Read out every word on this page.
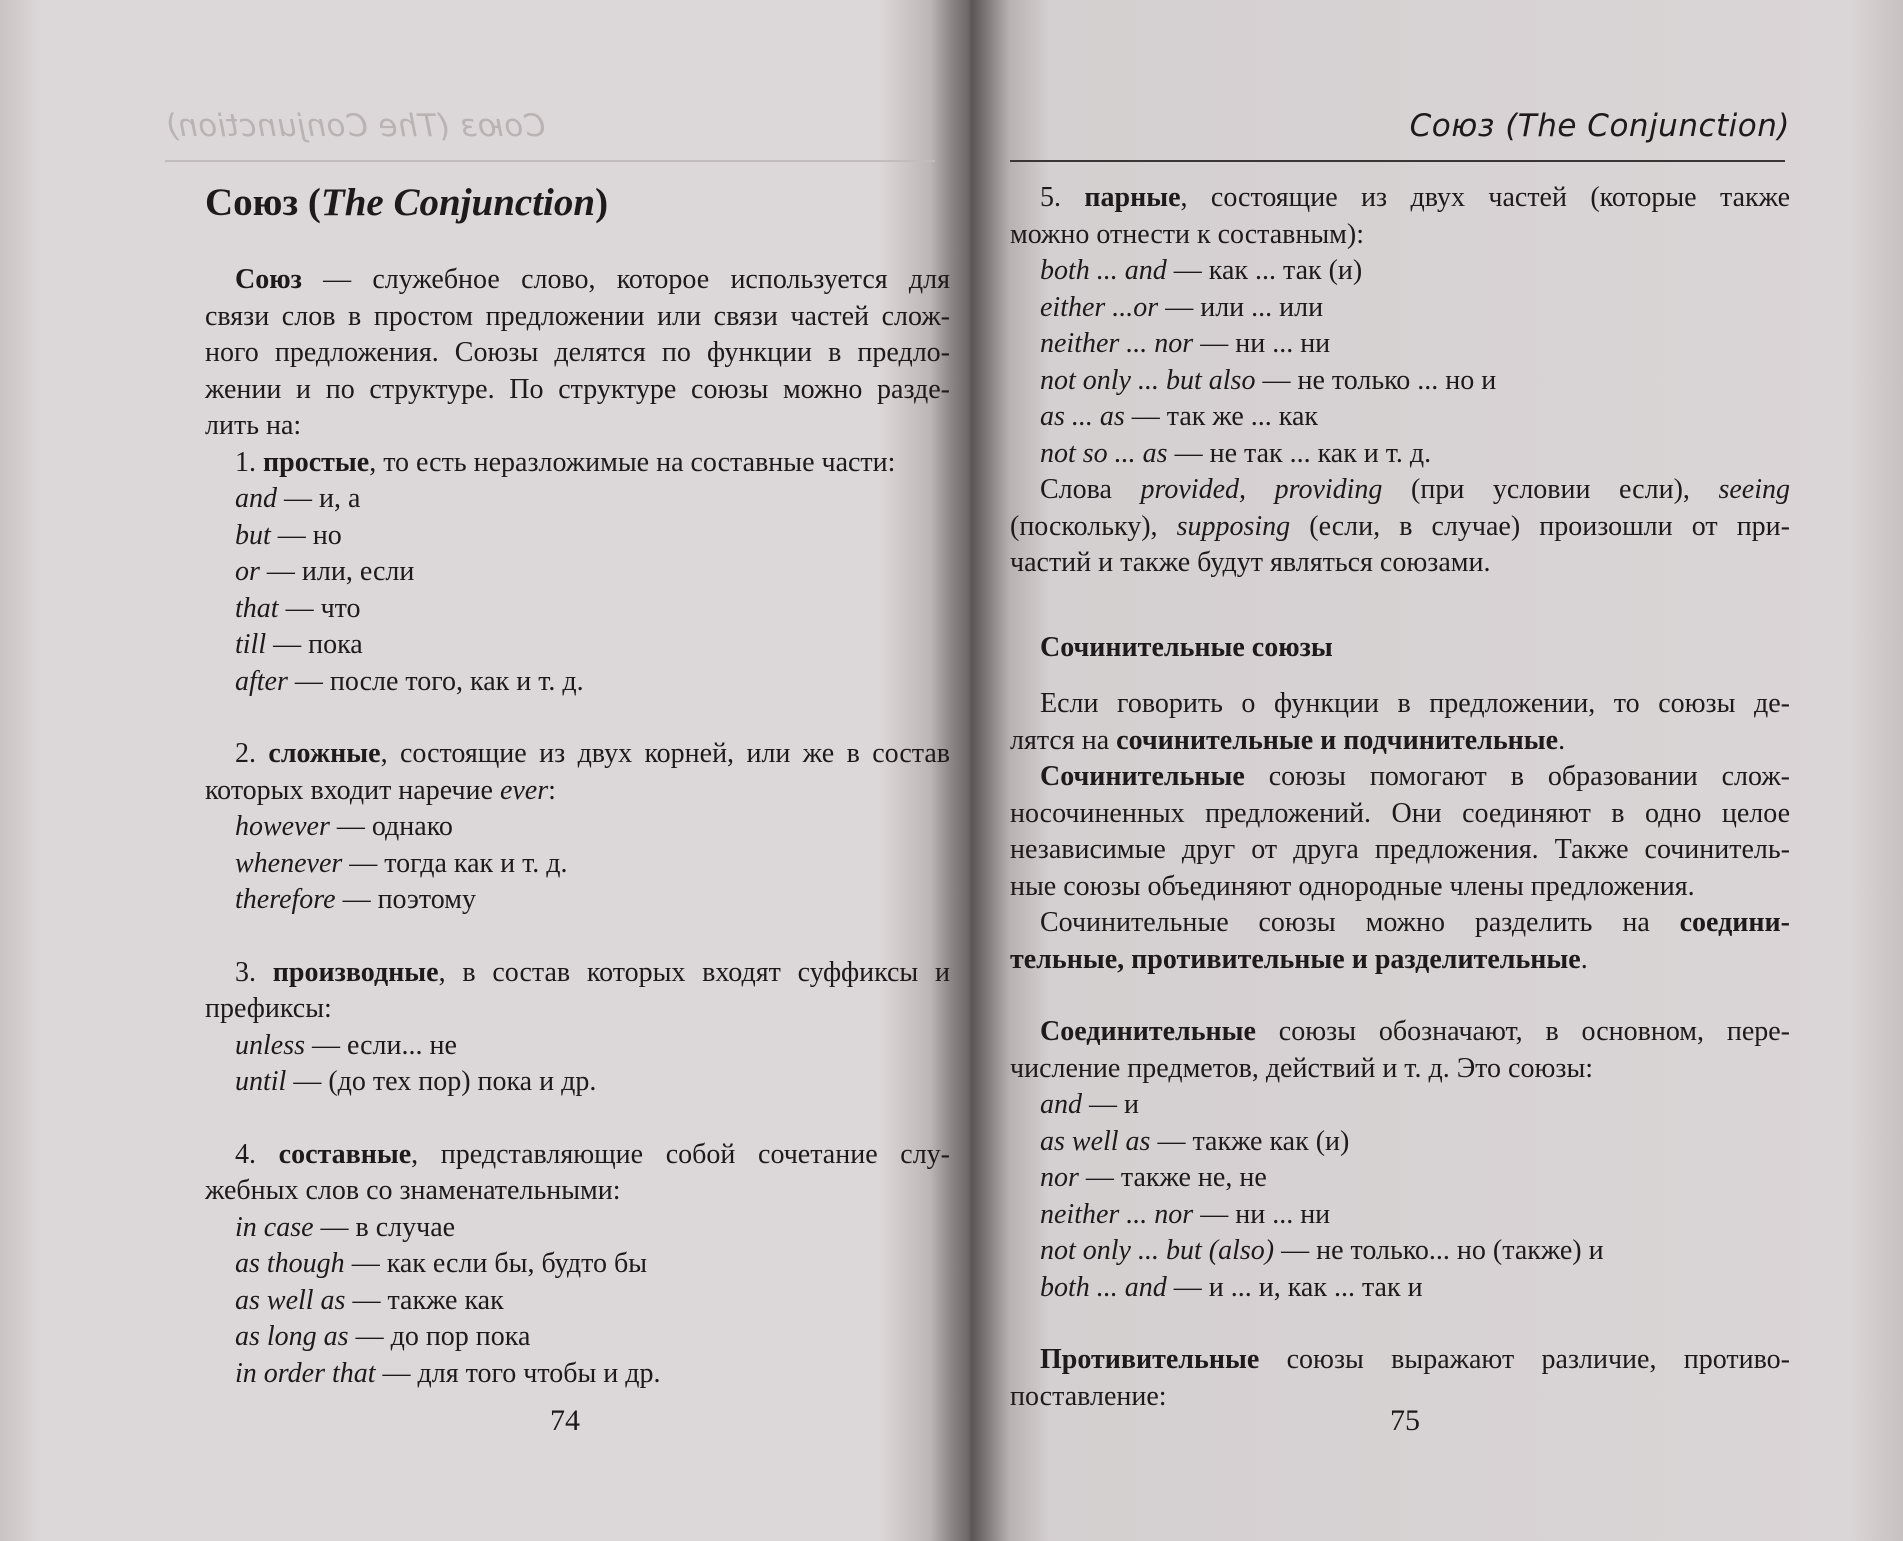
Союз (The Conjunction)
Союз (The Conjunction)

Союз — служебное слово, которое используется для

связи слов в простом предложении или связи частей слож-

ного предложения. Союзы делятся по функции в предло-

жении и по структуре. По структуре союзы можно разде-

лить на:

1. простые, то есть неразложимые на составные части:

and — и, а

but — но

or — или, если

that — что

till — пока

after — после того, как и т. д.

2. сложные, состоящие из двух корней, или же в состав

которых входит наречие ever:

however — однако

whenever — тогда как и т. д.

therefore — поэтому

3. производные, в состав которых входят суффиксы и

префиксы:

unless — если... не

until — (до тех пор) пока и др.

4. составные, представляющие собой сочетание слу-

жебных слов со знаменательными:

in case — в случае

as though — как если бы, будто бы

as well as — также как

as long as — до пор пока

in order that — для того чтобы и др.

74
Союз (The Conjunction)

5. парные, состоящие из двух частей (которые также

можно отнести к составным):

both ... and — как ... так (и)

either ...or — или ... или

neither ... nor — ни ... ни

not only ... but also — не только ... но и

as ... as — так же ... как

not so ... as — не так ... как и т. д.

Слова provided, providing (при условии если), seeing

(поскольку), supposing (если, в случае) произошли от при-

частий и также будут являться союзами.

Сочинительные союзы

Если говорить о функции в предложении, то союзы де-

лятся на сочинительные и подчинительные.

Сочинительные союзы помогают в образовании слож-

носочиненных предложений. Они соединяют в одно целое

независимые друг от друга предложения. Также сочинитель-

ные союзы объединяют однородные члены предложения.

Сочинительные союзы можно разделить на соедини-

тельные, противительные и разделительные.

Соединительные союзы обозначают, в основном, пере-

числение предметов, действий и т. д. Это союзы:

and — и

as well as — также как (и)

nor — также не, не

neither ... nor — ни ... ни

not only ... but (also) — не только... но (также) и

both ... and — и ... и, как ... так и

Противительные союзы выражают различие, противо-

поставление:

75
